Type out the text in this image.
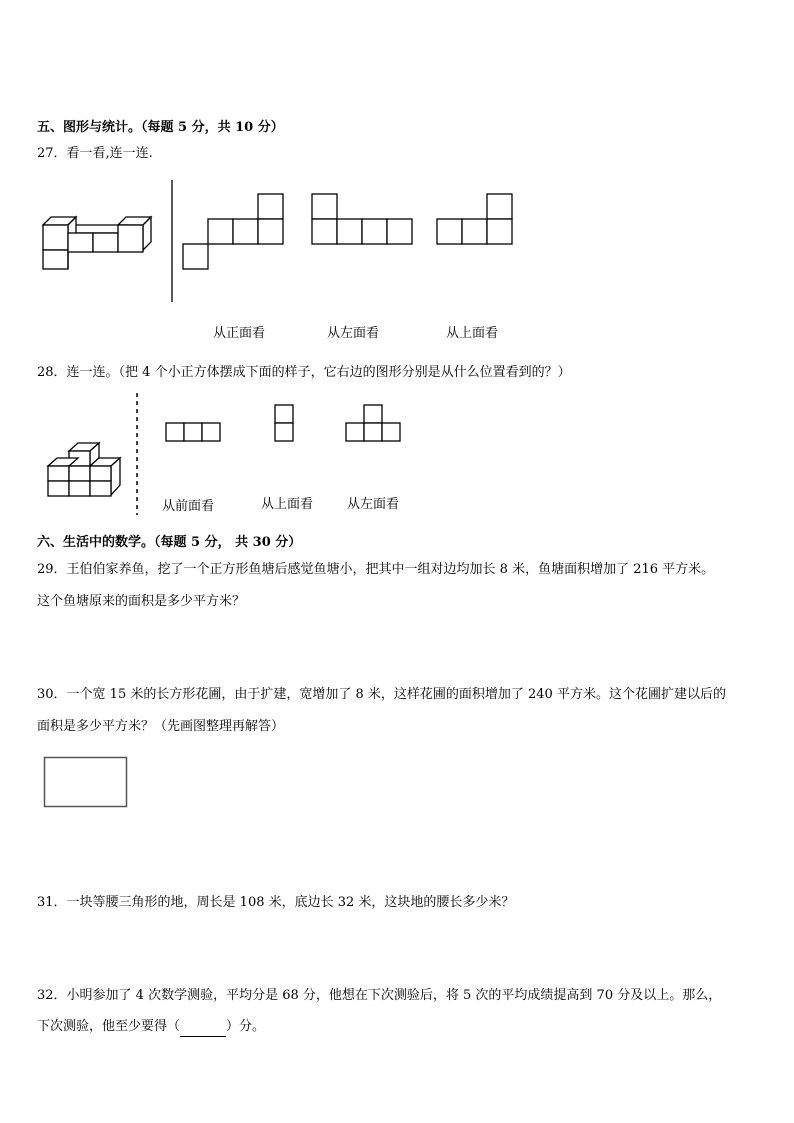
五、图形与统计。（每题 5 分，共 10 分）
27．看一看,连一连.
从正面看	从左面看	从上面看
28．连一连。（把 4 个小正方体摆成下面的样子，它右边的图形分别是从什么位置看到的？）
从前面看	从上面看	从左面看
六、生活中的数学。（每题 5 分， 共 30 分）
29．王伯伯家养鱼，挖了一个正方形鱼塘后感觉鱼塘小，把其中一组对边均加长 8 米，鱼塘面积增加了 216 平方米。
这个鱼塘原来的面积是多少平方米？
30．一个宽 15 米的长方形花圃，由于扩建，宽增加了 8 米，这样花圃的面积增加了 240 平方米。这个花圃扩建以后的
面积是多少平方米？（先画图整理再解答）
31．一块等腰三角形的地，周长是 108 米，底边长 32 米，这块地的腰长多少米？
32．小明参加了 4 次数学测验，平均分是 68 分，他想在下次测验后，将 5 次的平均成绩提高到 70 分及以上。那么，
下次测验，他至少要得（	）分。
